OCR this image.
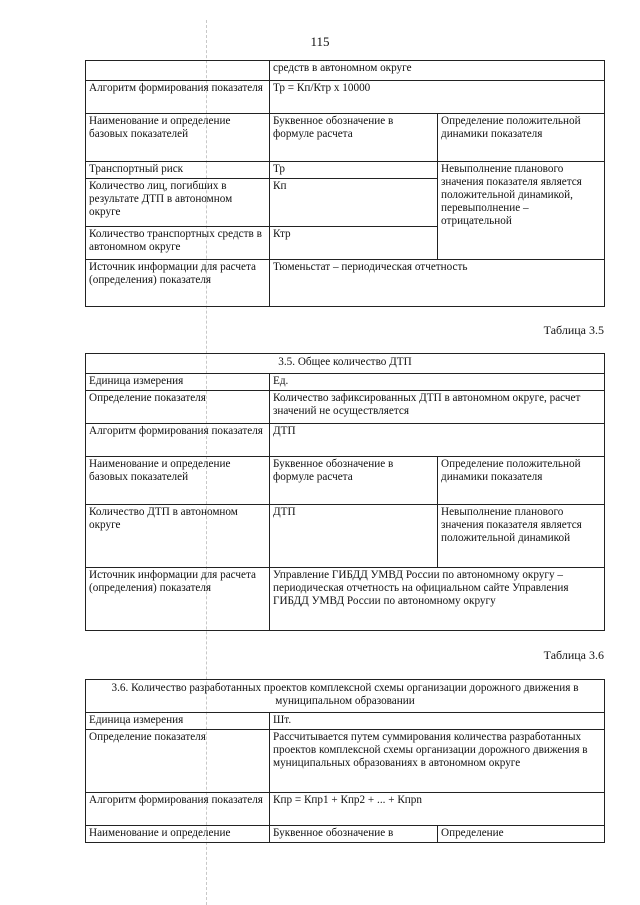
115
	средств в автономном округе	
Алгоритм формирования показателя	Тр = Кп/Ктр х 10000	
Наименование и определение базовых показателей	Буквенное обозначение в формуле расчета	Определение положительной динамики показателя
Транспортный риск	Тр	Невыполнение планового значения показателя является положительной динамикой, перевыполнение – отрицательной
Количество лиц, погибших в результате ДТП в автономном округе	Кп	
Количество транспортных средств в автономном округе	Ктр	
Источник информации для расчета (определения) показателя	Тюменьстат – периодическая отчетность	
Таблица 3.5
3.5. Общее количество ДТП		
Единица измерения	Ед.	
Определение показателя	Количество зафиксированных ДТП в автономном округе, расчет значений не осуществляется	
Алгоритм формирования показателя	ДТП	
Наименование и определение базовых показателей	Буквенное обозначение в формуле расчета	Определение положительной динамики показателя
Количество ДТП в автономном округе	ДТП	Невыполнение планового значения показателя является положительной динамикой
Источник информации для расчета (определения) показателя	Управление ГИБДД УМВД России по автономному округу – периодическая отчетность на официальном сайте Управления ГИБДД УМВД России по автономному округу	
Таблица 3.6
3.6. Количество разработанных проектов комплексной схемы организации дорожного движения в муниципальном образовании		
Единица измерения	Шт.	
Определение показателя	Рассчитывается путем суммирования количества разработанных проектов комплексной схемы организации дорожного движения в муниципальных образованиях в автономном округе	
Алгоритм формирования показателя	Кпр = Кпр1 + Кпр2 + ... + Кпрn	
Наименование и определение	Буквенное обозначение в	Определение
